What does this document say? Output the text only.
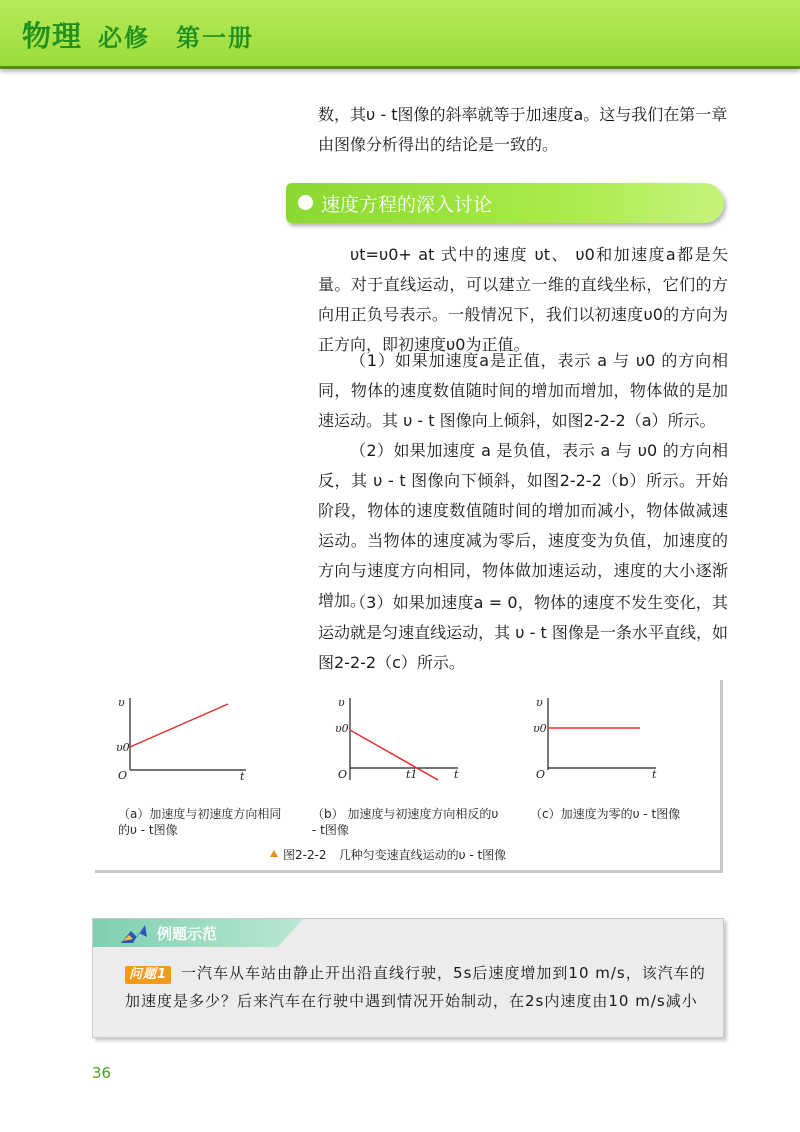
物理 必修　第一册

数，其υ - t图像的斜率就等于加速度a。这与我们在第一章

由图像分析得出的结论是一致的。

速度方程的深入讨论

υt=υ0+ at 式中的速度 υt、 υ0和加速度a都是矢量。对于直线运动，可以建立一维的直线坐标，它们的方向用正负号表示。一般情况下，我们以初速度υ0的方向为正方向，即初速度υ0为正值。

（1）如果加速度a是正值，表示 a 与 υ0 的方向相同，物体的速度数值随时间的增加而增加，物体做的是加速运动。其 υ - t 图像向上倾斜，如图2-2-2（a）所示。

（2）如果加速度 a 是负值，表示 a 与 υ0 的方向相反，其 υ - t 图像向下倾斜，如图2-2-2（b）所示。开始阶段，物体的速度数值随时间的增加而减小，物体做减速运动。当物体的速度减为零后，速度变为负值，加速度的方向与速度方向相同，物体做加速运动，速度的大小逐渐增加。

（3）如果加速度a = 0，物体的速度不发生变化，其运动就是匀速直线运动，其 υ - t 图像是一条水平直线，如图2-2-2（c）所示。

υ
υ0
O	t
υ
υ0
O	t1	t
υ
υ0
O	t

（a）加速度与初速度方向相同的υ - t图像

（b） 加速度与初速度方向相反的υ - t图像

（c）加速度为零的υ - t图像

图2-2-2　几种匀变速直线运动的υ - t图像
例题示范

问题1 一汽车从车站由静止开出沿直线行驶，5s后速度增加到10 m/s，该汽车的

加速度是多少？后来汽车在行驶中遇到情况开始制动，在2s内速度由10 m/s减小

36
